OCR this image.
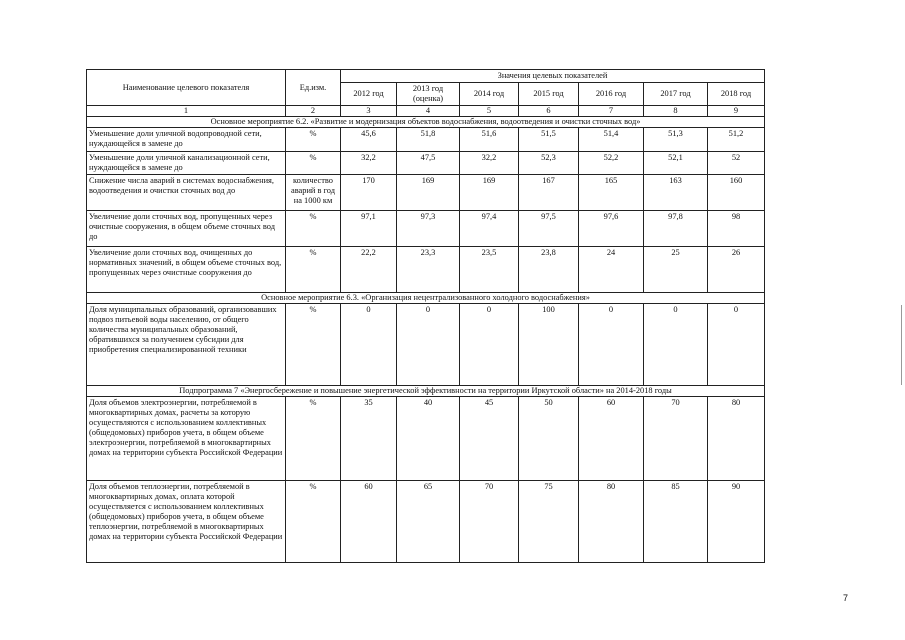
Наименование целевого показателя	Ед.изм.	Значения целевых показателей						
		2012 год	2013 год (оценка)	2014 год	2015 год	2016 год	2017 год	2018 год
1	2	3	4	5	6	7	8	9
Основное мероприятие 6.2. «Развитие и модернизация объектов водоснабжения, водоотведения и очистки сточных вод»								
Уменьшение доли уличной водопроводной сети, нуждающейся в замене до	%	45,6	51,8	51,6	51,5	51,4	51,3	51,2
Уменьшение доли уличной канализационной сети, нуждающейся в замене до	%	32,2	47,5	32,2	52,3	52,2	52,1	52
Снижение числа аварий в системах водоснабжения, водоотведения и очистки сточных вод до	количество аварий в год на 1000 км	170	169	169	167	165	163	160
Увеличение доли сточных вод, пропущенных через очистные сооружения, в общем объеме сточных вод до	%	97,1	97,3	97,4	97,5	97,6	97,8	98
Увеличение доли сточных вод, очищенных до нормативных значений, в общем объеме сточных вод, пропущенных через очистные сооружения до	%	22,2	23,3	23,5	23,8	24	25	26
Основное мероприятие 6.3. «Организация нецентрализованного холодного водоснабжения»								
Доля муниципальных образований, организовавших подвоз питьевой воды населению, от общего количества муниципальных образований, обратившихся за получением субсидии для приобретения специализированной техники	%	0	0	0	100	0	0	0
Подпрограмма 7 «Энергосбережение и повышение энергетической эффективности на территории Иркутской области» на 2014-2018 годы								
Доля объемов электроэнергии, потребляемой в многоквартирных домах, расчеты за которую осуществляются с использованием коллективных (общедомовых) приборов учета, в общем объеме электроэнергии, потребляемой в многоквартирных домах на территории субъекта Российской Федерации	%	35	40	45	50	60	70	80
Доля объемов теплоэнергии, потребляемой в многоквартирных домах, оплата которой осуществляется с использованием коллективных (общедомовых) приборов учета, в общем объеме теплоэнергии, потребляемой в многоквартирных домах на территории субъекта Российской Федерации	%	60	65	70	75	80	85	90
7
